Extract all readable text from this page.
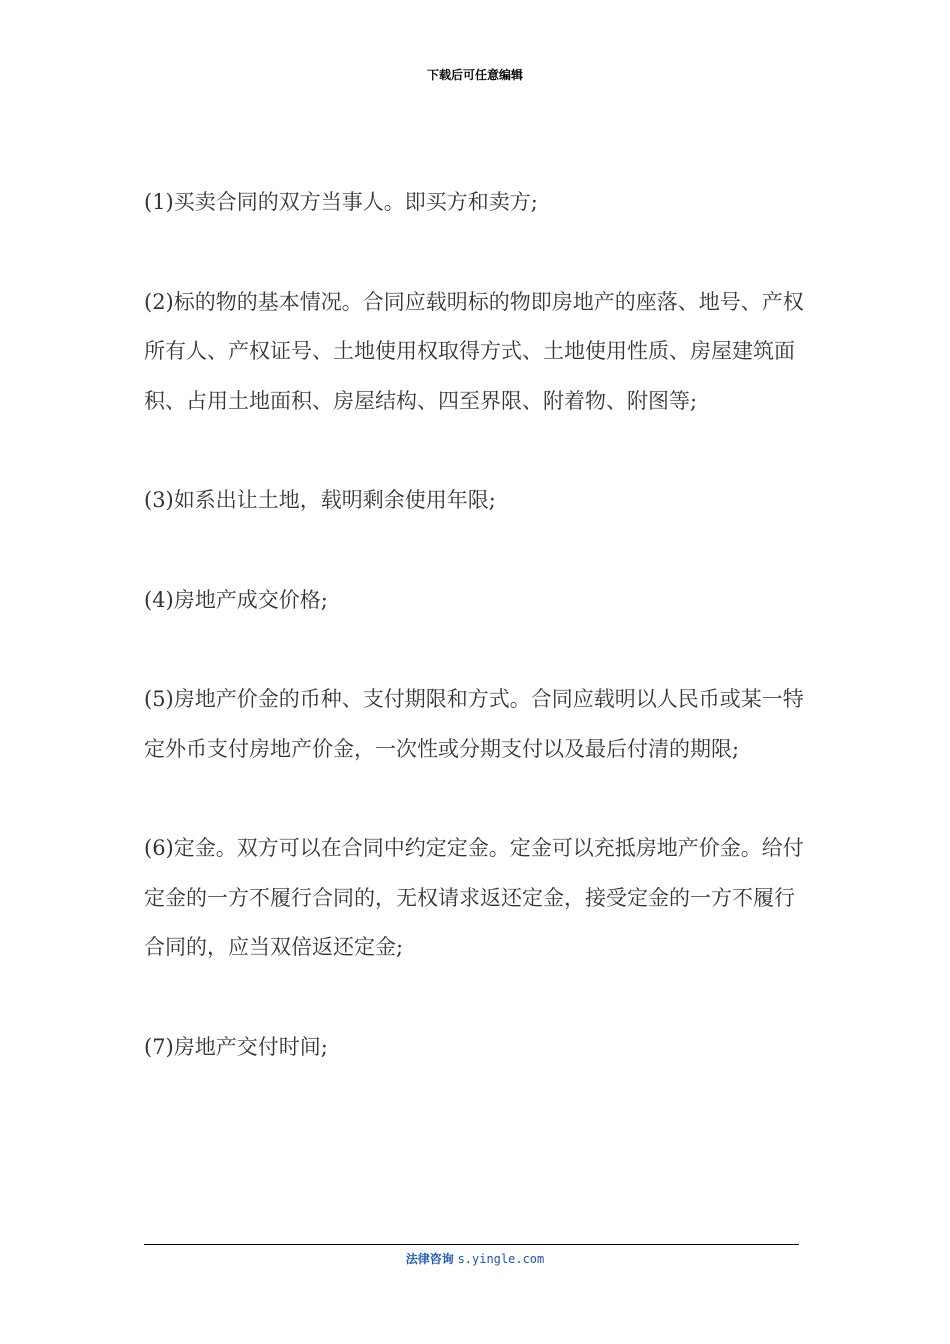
下载后可任意编辑

(1)买卖合同的双方当事人。即买方和卖方;

(2)标的物的基本情况。合同应载明标的物即房地产的座落、地号、产权所有人、产权证号、土地使用权取得方式、土地使用性质、房屋建筑面积、占用土地面积、房屋结构、四至界限、附着物、附图等;

(3)如系出让土地，载明剩余使用年限;

(4)房地产成交价格;

(5)房地产价金的币种、支付期限和方式。合同应载明以人民币或某一特定外币支付房地产价金，一次性或分期支付以及最后付清的期限;

(6)定金。双方可以在合同中约定定金。定金可以充抵房地产价金。给付定金的一方不履行合同的，无权请求返还定金，接受定金的一方不履行合同的，应当双倍返还定金;

(7)房地产交付时间;

法律咨询 s.yingle.com
